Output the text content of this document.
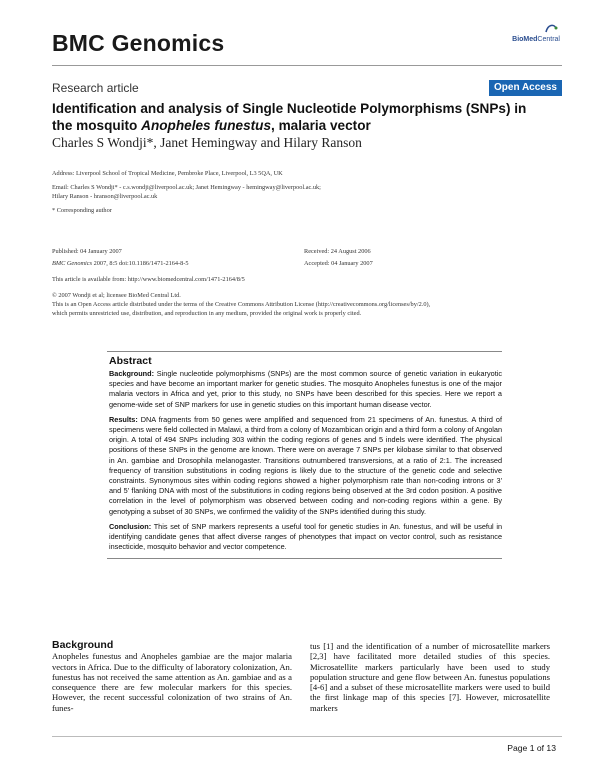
BMC Genomics	BioMedCentral
Research article	Open Access
Identification and analysis of Single Nucleotide Polymorphisms (SNPs) in the mosquito Anopheles funestus, malaria vector
Charles S Wondji*, Janet Hemingway and Hilary Ranson
Address: Liverpool School of Tropical Medicine, Pembroke Place, Liverpool, L3 5QA, UK
Email: Charles S Wondji* - c.s.wondji@liverpool.ac.uk; Janet Hemingway - hemingway@liverpool.ac.uk;
Hilary Ranson - hranson@liverpool.ac.uk
* Corresponding author
Published: 04 January 2007
BMC Genomics 2007, 8:5 doi:10.1186/1471-2164-8-5
Received: 24 August 2006
Accepted: 04 January 2007
This article is available from: http://www.biomedcentral.com/1471-2164/8/5
© 2007 Wondji et al; licensee BioMed Central Ltd.
This is an Open Access article distributed under the terms of the Creative Commons Attribution License (http://creativecommons.org/licenses/by/2.0),
which permits unrestricted use, distribution, and reproduction in any medium, provided the original work is properly cited.
Abstract

Background: Single nucleotide polymorphisms (SNPs) are the most common source of genetic variation in eukaryotic species and have become an important marker for genetic studies. The mosquito Anopheles funestus is one of the major malaria vectors in Africa and yet, prior to this study, no SNPs have been described for this species. Here we report a genome-wide set of SNP markers for use in genetic studies on this important human disease vector.

Results: DNA fragments from 50 genes were amplified and sequenced from 21 specimens of An. funestus. A third of specimens were field collected in Malawi, a third from a colony of Mozambican origin and a third form a colony of Angolan origin. A total of 494 SNPs including 303 within the coding regions of genes and 5 indels were identified. The physical positions of these SNPs in the genome are known. There were on average 7 SNPs per kilobase similar to that observed in An. gambiae and Drosophila melanogaster. Transitions outnumbered transversions, at a ratio of 2:1. The increased frequency of transition substitutions in coding regions is likely due to the structure of the genetic code and selective constraints. Synonymous sites within coding regions showed a higher polymorphism rate than non-coding introns or 3' and 5' flanking DNA with most of the substitutions in coding regions being observed at the 3rd codon position. A positive correlation in the level of polymorphism was observed between coding and non-coding regions within a gene. By genotyping a subset of 30 SNPs, we confirmed the validity of the SNPs identified during this study.

Conclusion: This set of SNP markers represents a useful tool for genetic studies in An. funestus, and will be useful in identifying candidate genes that affect diverse ranges of phenotypes that impact on vector control, such as resistance insecticide, mosquito behavior and vector competence.

Background
Anopheles funestus and Anopheles gambiae are the major malaria vectors in Africa. Due to the difficulty of laboratory colonization, An. funestus has not received the same attention as An. gambiae and as a consequence there are few molecular markers for this species. However, the recent successful colonization of two strains of An. funes-
tus [1] and the identification of a number of microsatellite markers [2,3] have facilitated more detailed studies of this species. Microsatellite markers particularly have been used to study population structure and gene flow between An. funestus populations [4-6] and a subset of these microsatellite markers were used to build the first linkage map of this species [7]. However, microsatellite markers
Page 1 of 13
